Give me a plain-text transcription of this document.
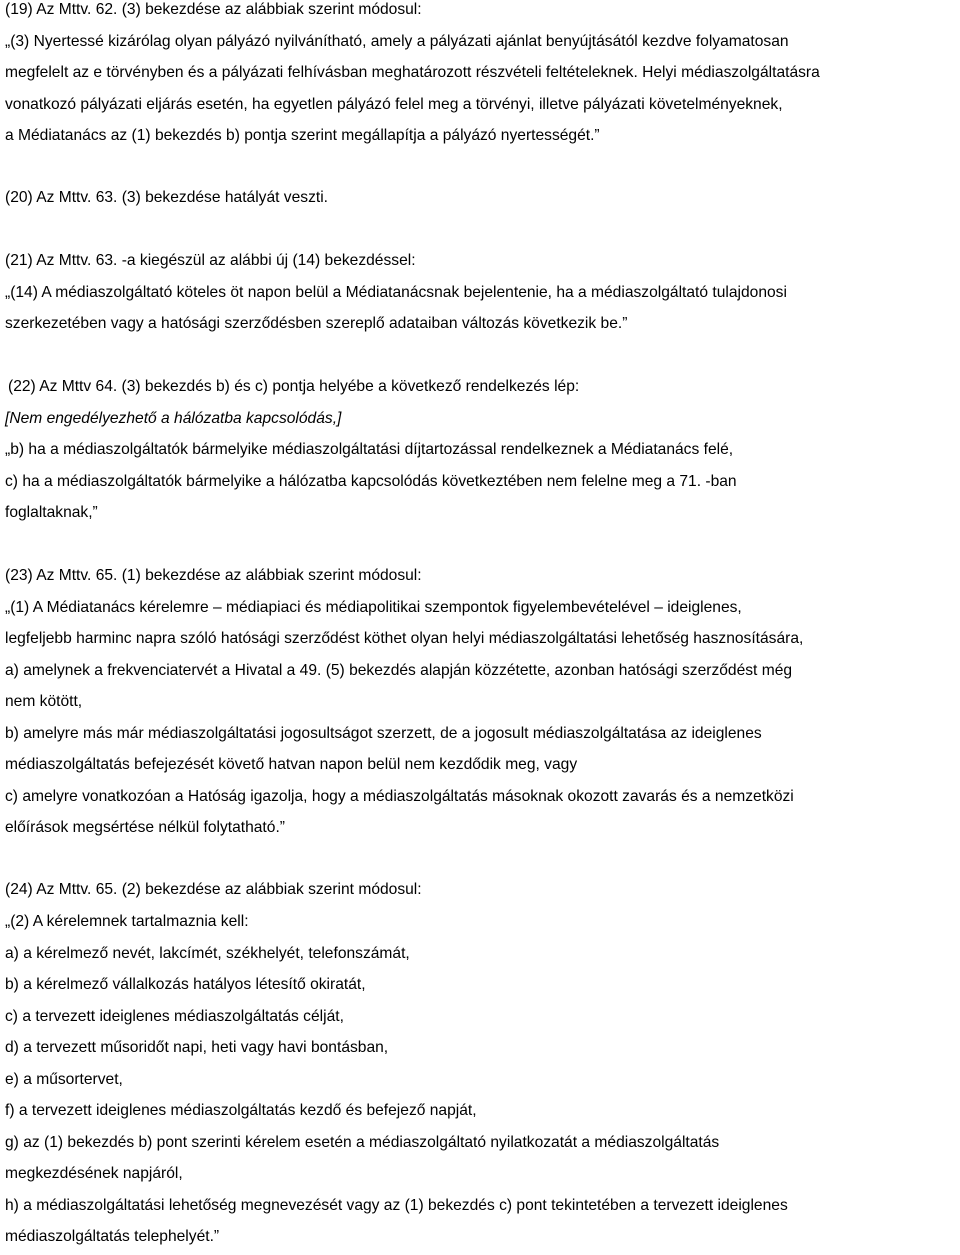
(19) Az Mttv. 62. (3) bekezdése az alábbiak szerint módosul:
„(3) Nyertessé kizárólag olyan pályázó nyilvánítható, amely a pályázati ajánlat benyújtásától kezdve folyamatosan
megfelelt az e törvényben és a pályázati felhívásban meghatározott részvételi feltételeknek. Helyi médiaszolgáltatásra
vonatkozó pályázati eljárás esetén, ha egyetlen pályázó felel meg a törvényi, illetve pályázati követelményeknek,
a Médiatanács az (1) bekezdés b) pontja szerint megállapítja a pályázó nyertességét.”
(20) Az Mttv. 63. (3) bekezdése hatályát veszti.
(21) Az Mttv. 63. -a kiegészül az alábbi új (14) bekezdéssel:
„(14) A médiaszolgáltató köteles öt napon belül a Médiatanácsnak bejelentenie, ha a médiaszolgáltató tulajdonosi
szerkezetében vagy a hatósági szerződésben szereplő adataiban változás következik be.”
(22) Az Mttv 64. (3) bekezdés b) és c) pontja helyébe a következő rendelkezés lép:
[Nem engedélyezhető a hálózatba kapcsolódás,]
„b) ha a médiaszolgáltatók bármelyike médiaszolgáltatási díjtartozással rendelkeznek a Médiatanács felé,
c) ha a médiaszolgáltatók bármelyike a hálózatba kapcsolódás következtében nem felelne meg a 71. -ban
foglaltaknak,”
(23) Az Mttv. 65. (1) bekezdése az alábbiak szerint módosul:
„(1) A Médiatanács kérelemre – médiapiaci és médiapolitikai szempontok figyelembevételével – ideiglenes,
legfeljebb harminc napra szóló hatósági szerződést köthet olyan helyi médiaszolgáltatási lehetőség hasznosítására,
a) amelynek a frekvenciatervét a Hivatal a 49. (5) bekezdés alapján közzétette, azonban hatósági szerződést még
nem kötött,
b) amelyre más már médiaszolgáltatási jogosultságot szerzett, de a jogosult médiaszolgáltatása az ideiglenes
médiaszolgáltatás befejezését követő hatvan napon belül nem kezdődik meg, vagy
c) amelyre vonatkozóan a Hatóság igazolja, hogy a médiaszolgáltatás másoknak okozott zavarás és a nemzetközi
előírások megsértése nélkül folytatható.”
(24) Az Mttv. 65. (2) bekezdése az alábbiak szerint módosul:
„(2) A kérelemnek tartalmaznia kell:
a) a kérelmező nevét, lakcímét, székhelyét, telefonszámát,
b) a kérelmező vállalkozás hatályos létesítő okiratát,
c) a tervezett ideiglenes médiaszolgáltatás célját,
d) a tervezett műsoridőt napi, heti vagy havi bontásban,
e) a műsortervet,
f) a tervezett ideiglenes médiaszolgáltatás kezdő és befejező napját,
g) az (1) bekezdés b) pont szerinti kérelem esetén a médiaszolgáltató nyilatkozatát a médiaszolgáltatás
megkezdésének napjáról,
h) a médiaszolgáltatási lehetőség megnevezését vagy az (1) bekezdés c) pont tekintetében a tervezett ideiglenes
médiaszolgáltatás telephelyét.”
